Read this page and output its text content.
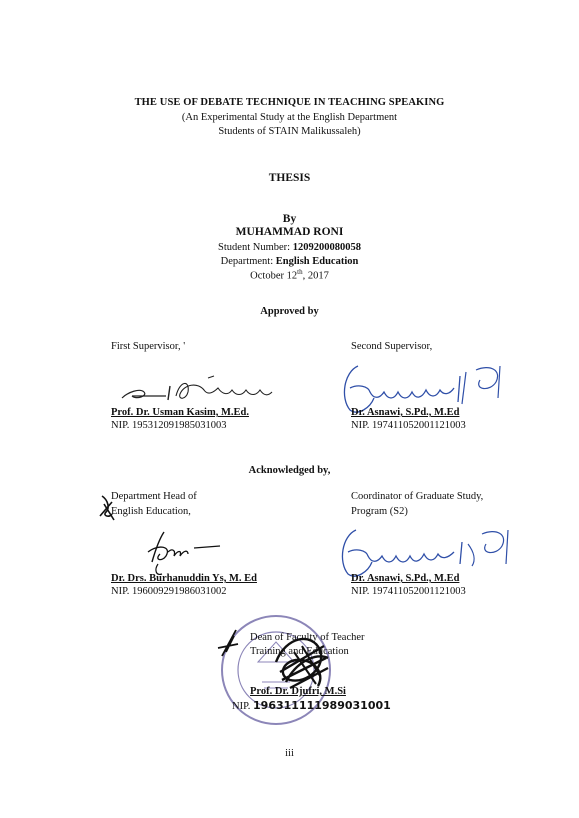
THE USE OF DEBATE TECHNIQUE IN TEACHING SPEAKING
(An Experimental Study at the English Department
Students of STAIN Malikussaleh)
THESIS
By
MUHAMMAD RONI
Student Number: 1209200080058
Department: English Education
October 12th, 2017
Approved by
First Supervisor, '
Prof. Dr. Usman Kasim, M.Ed.
NIP. 195312091985031003
Second Supervisor,
Dr. Asnawi, S.Pd., M.Ed
NIP. 197411052001121003
Acknowledged by,
Department Head of
English Education,
Dr. Drs. Burhanuddin Ys, M. Ed
NIP. 196009291986031002
Coordinator of Graduate Study,
Program (S2)
Dr. Asnawi, S.Pd., M.Ed
NIP. 197411052001121003
Dean of Faculty of Teacher
Training and Education
Prof. Dr. Djufri, M.Si
NIP. 196311111989031001
iii
